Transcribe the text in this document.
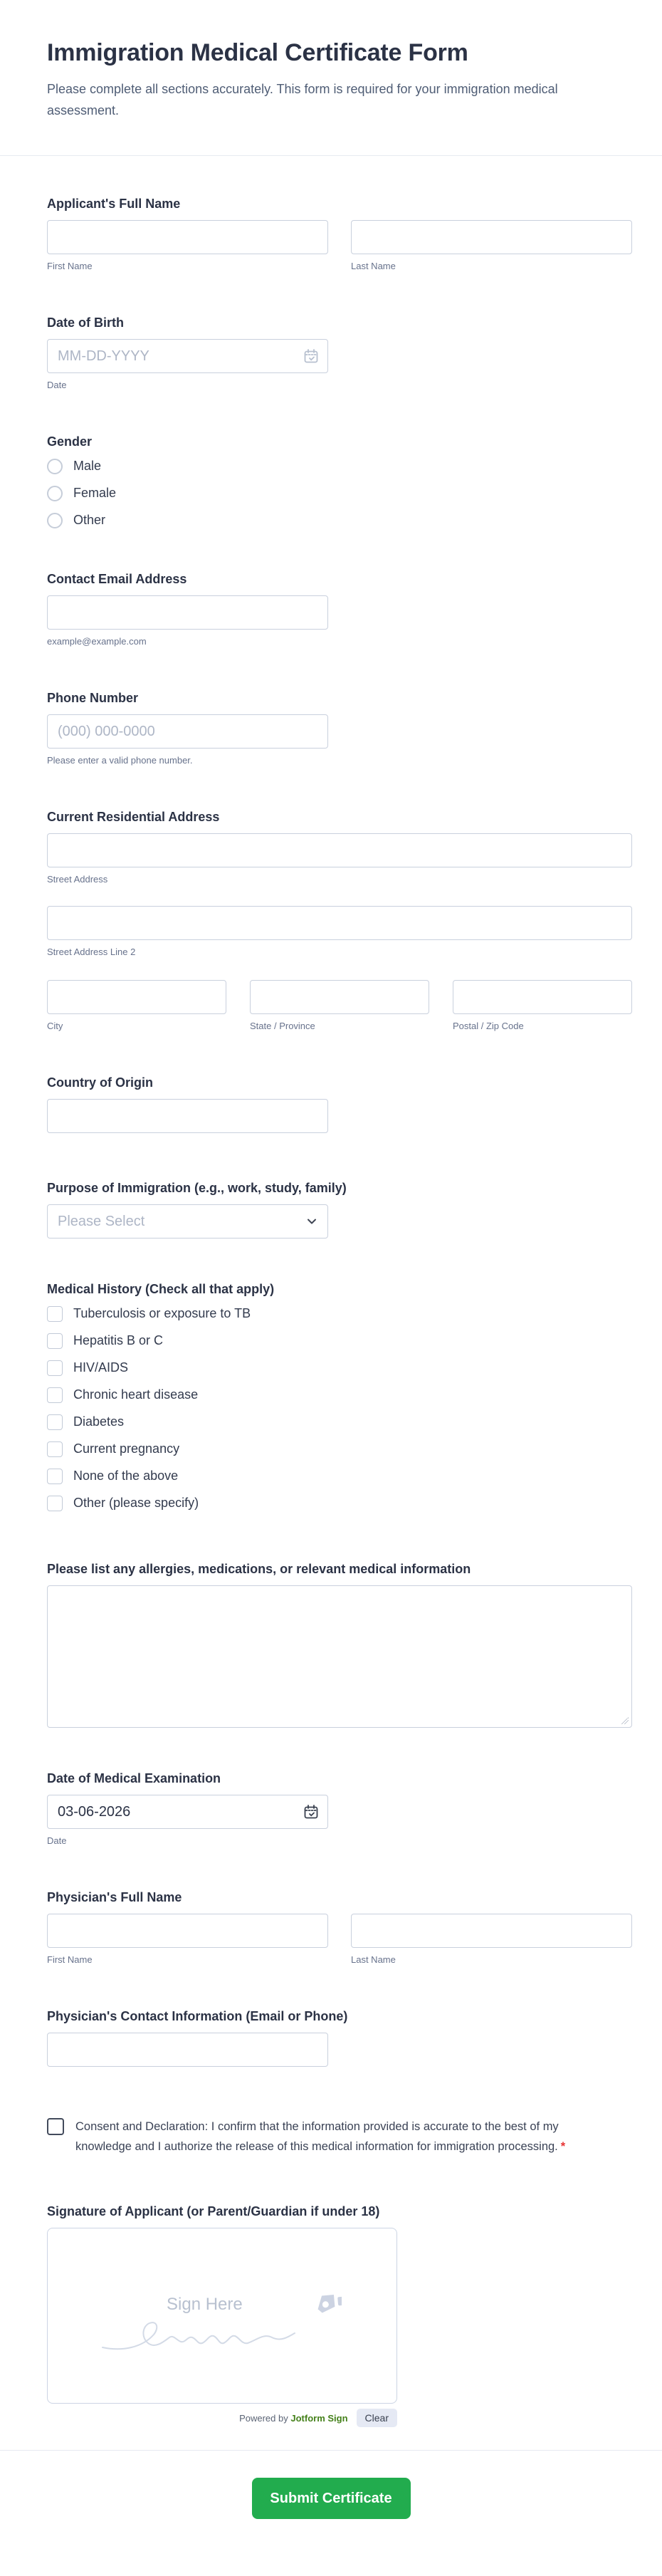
Immigration Medical Certificate Form

Please complete all sections accurately. This form is required for your immigration medical assessment.

Applicant's Full Name
First Name	Last Name
Date of Birth
MM-DD-YYYY
Date
Gender
Male
Female
Other
Contact Email Address
example@example.com
Phone Number
(000) 000-0000
Please enter a valid phone number.
Current Residential Address
Street Address
Street Address Line 2
City	State / Province	Postal / Zip Code
Country of Origin
Purpose of Immigration (e.g., work, study, family)
Please Select
Medical History (Check all that apply)
Tuberculosis or exposure to TB
Hepatitis B or C
HIV/AIDS
Chronic heart disease
Diabetes
Current pregnancy
None of the above
Other (please specify)
Please list any allergies, medications, or relevant medical information
Date of Medical Examination
03-06-2026
Date
Physician's Full Name
First Name	Last Name
Physician's Contact Information (Email or Phone)
Consent and Declaration: I confirm that the information provided is accurate to the best of my knowledge and I authorize the release of this medical information for immigration processing. *
Signature of Applicant (or Parent/Guardian if under 18)
Sign Here
Powered by Jotform Sign	Clear
Submit Certificate
